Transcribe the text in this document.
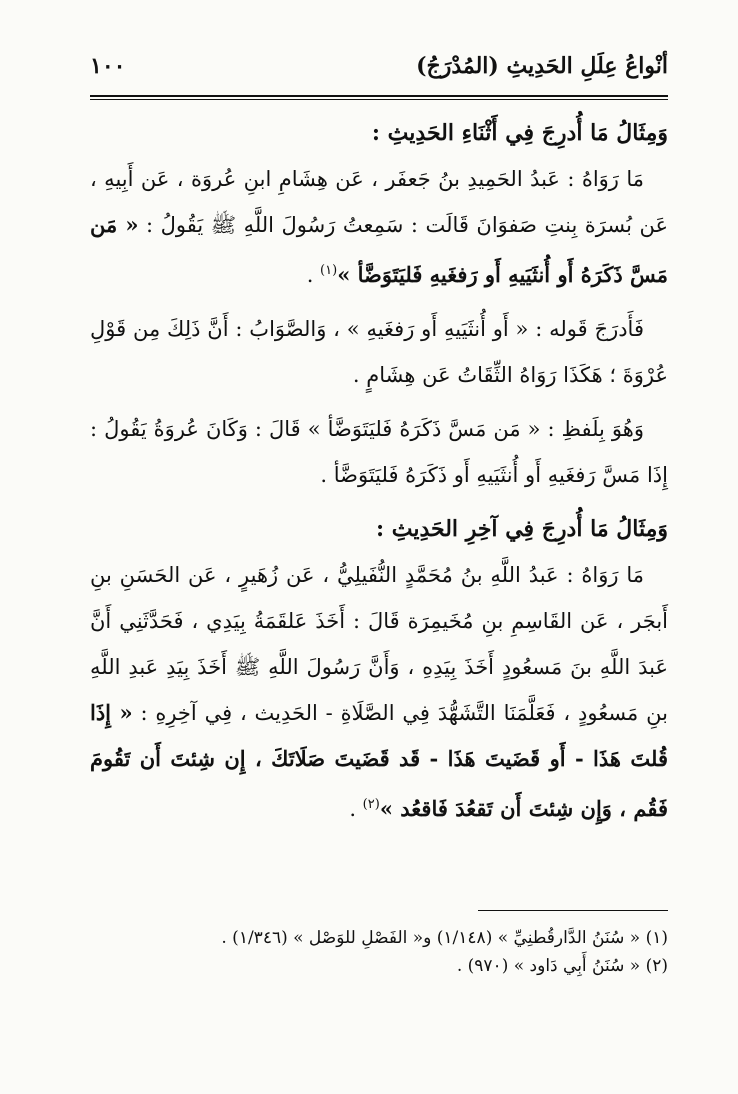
أنْواعُ عِلَلِ الحَدِيثِ (المُدْرَجُ)
١٠٠

وَمِثَالُ مَا أُدرِجَ فِي أَثْنَاءِ الحَدِيثِ :

مَا رَوَاهُ : عَبدُ الحَمِيدِ بنُ جَعفَر ، عَن هِشَامِ ابنِ عُروَة ، عَن أَبِيهِ ، عَن بُسرَة بِنتِ صَفوَانَ قَالَت : سَمِعتُ رَسُولَ اللَّهِ ﷺ يَقُولُ : « مَن مَسَّ ذَكَرَهُ أَو أُنثَيَيهِ أَو رَفغَيهِ فَليَتَوَضَّأ »$^{(١)}$ .

فَأَدرَجَ قَوله : « أَو أُنثَيَيهِ أَو رَفغَيهِ » ، وَالصَّوَابُ : أَنَّ ذَلِكَ مِن قَوْلِ عُرْوَةَ ؛ هَكَذَا رَوَاهُ الثِّقَاتُ عَن هِشَامٍ .

وَهُوَ بِلَفظِ : « مَن مَسَّ ذَكَرَهُ فَليَتَوَضَّأ » قَالَ : وَكَانَ عُروَةُ يَقُولُ : إِذَا مَسَّ رَفغَيهِ أَو أُنثَيَيهِ أَو ذَكَرَهُ فَليَتَوَضَّأ .

وَمِثَالُ مَا أُدرِجَ فِي آخِرِ الحَدِيثِ :

مَا رَوَاهُ : عَبدُ اللَّهِ بنُ مُحَمَّدٍ النُّفَيلِيُّ ، عَن زُهَيرٍ ، عَن الحَسَنِ بنِ أَبجَر ، عَن القَاسِمِ بنِ مُخَيمِرَة قَالَ : أَخَذَ عَلقَمَةُ بِيَدِي ، فَحَدَّثَنِي أَنَّ عَبدَ اللَّهِ بنَ مَسعُودٍ أَخَذَ بِيَدِهِ ، وَأَنَّ رَسُولَ اللَّهِ ﷺ أَخَذَ بِيَدِ عَبدِ اللَّهِ بنِ مَسعُودٍ ، فَعَلَّمَنَا التَّشَهُّدَ فِي الصَّلَاةِ - الحَدِيث ، فِي آخِرِهِ : « إِذَا قُلتَ هَذَا - أَو قَضَيتَ هَذَا - قَد قَضَيتَ صَلَاتَكَ ، إِن شِئتَ أَن تَقُومَ فَقُم ، وَإِن شِئتَ أَن تَقعُدَ فَاقعُد »$^{(٢)}$ .

(١) « سُنَنُ الدَّارقُطنِيِّ » (١/١٤٨) و« الفَصْلِ للوَصْل » (١/٣٤٦) .

(٢) « سُنَنُ أَبِي دَاود » (٩٧٠) .
